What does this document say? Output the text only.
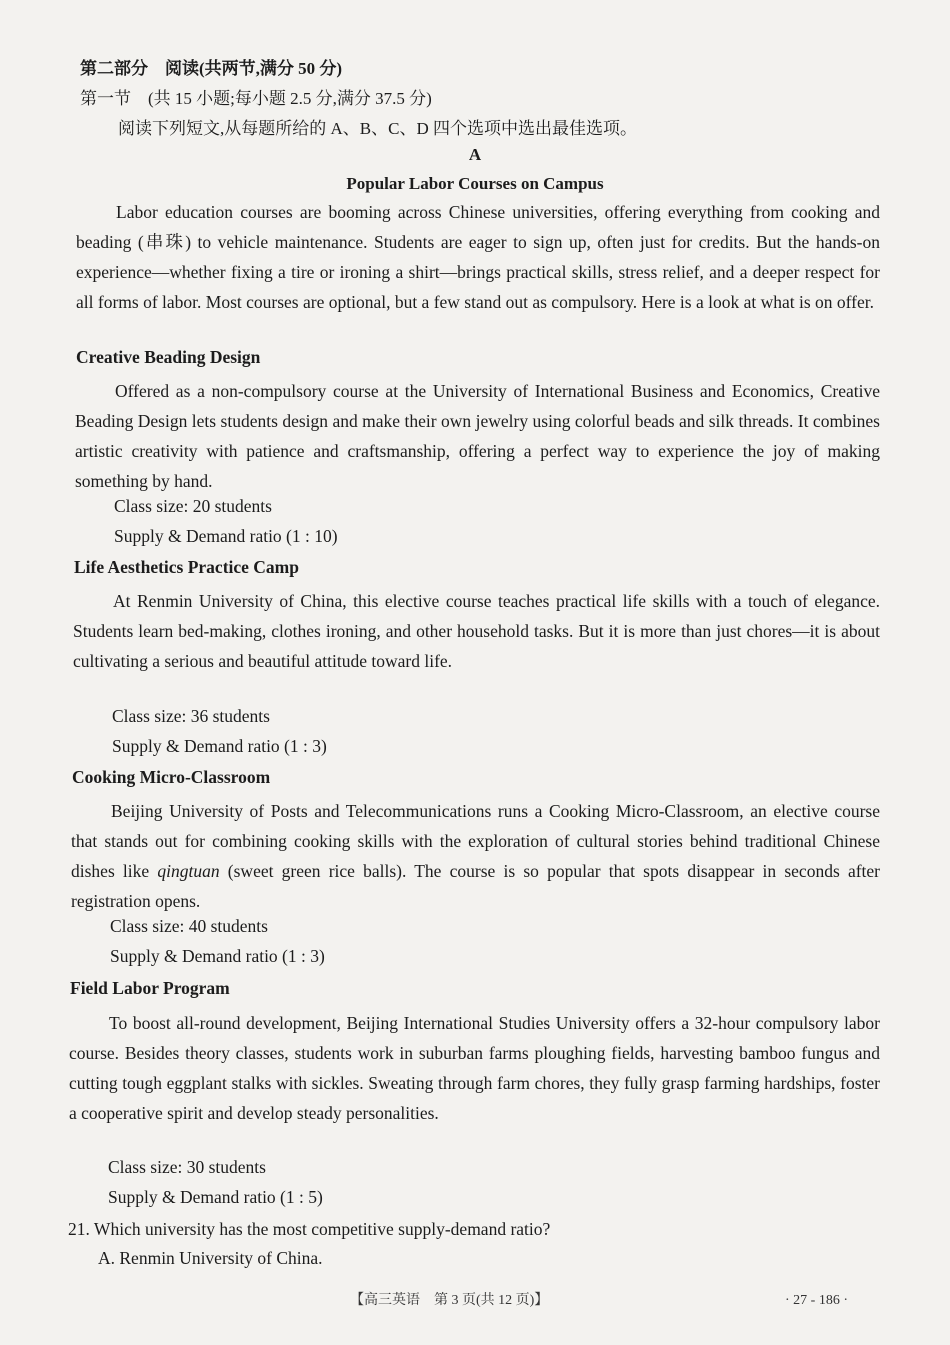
第二部分　阅读(共两节,满分 50 分)
第一节　(共 15 小题;每小题 2.5 分,满分 37.5 分)
阅读下列短文,从每题所给的 A、B、C、D 四个选项中选出最佳选项。
A
Popular Labor Courses on Campus

Labor education courses are booming across Chinese universities, offering everything from cooking and beading (串珠) to vehicle maintenance. Students are eager to sign up, often just for credits. But the hands-on experience—whether fixing a tire or ironing a shirt—brings practical skills, stress relief, and a deeper respect for all forms of labor. Most courses are optional, but a few stand out as compulsory. Here is a look at what is on offer.

Creative Beading Design

Offered as a non-compulsory course at the University of International Business and Economics, Creative Beading Design lets students design and make their own jewelry using colorful beads and silk threads. It combines artistic creativity with patience and craftsmanship, offering a perfect way to experience the joy of making something by hand.

Class size: 20 students
Supply & Demand ratio (1 : 10)
Life Aesthetics Practice Camp

At Renmin University of China, this elective course teaches practical life skills with a touch of elegance. Students learn bed-making, clothes ironing, and other household tasks. But it is more than just chores—it is about cultivating a serious and beautiful attitude toward life.

Class size: 36 students
Supply & Demand ratio (1 : 3)
Cooking Micro-Classroom

Beijing University of Posts and Telecommunications runs a Cooking Micro-Classroom, an elective course that stands out for combining cooking skills with the exploration of cultural stories behind traditional Chinese dishes like qingtuan (sweet green rice balls). The course is so popular that spots disappear in seconds after registration opens.

Class size: 40 students
Supply & Demand ratio (1 : 3)
Field Labor Program

To boost all-round development, Beijing International Studies University offers a 32-hour compulsory labor course. Besides theory classes, students work in suburban farms ploughing fields, harvesting bamboo fungus and cutting tough eggplant stalks with sickles. Sweating through farm chores, they fully grasp farming hardships, foster a cooperative spirit and develop steady personalities.

Class size: 30 students
Supply & Demand ratio (1 : 5)
21. Which university has the most competitive supply-demand ratio?
A. Renmin University of China.
【高三英语　第 3 页(共 12 页)】	· 27 - 186 ·
